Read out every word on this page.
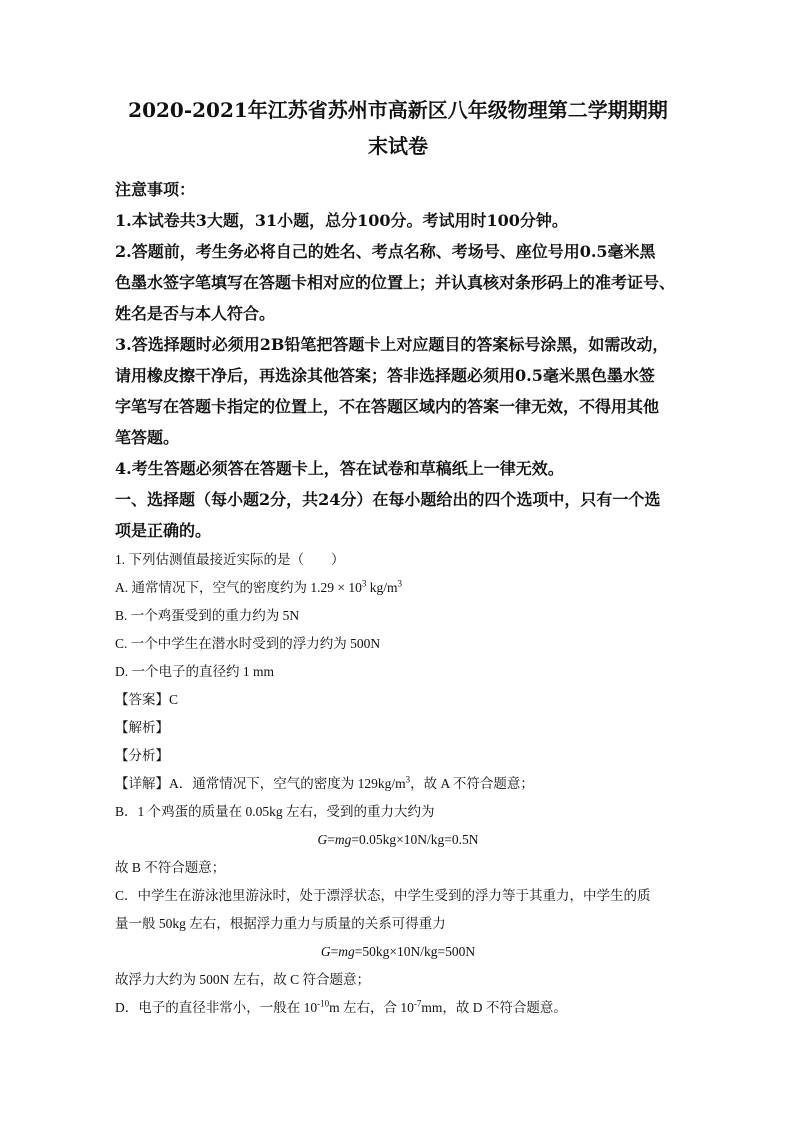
2020-2021年江苏省苏州市高新区八年级物理第二学期期期
末试卷

注意事项：

1.本试卷共3大题，31小题，总分100分。考试用时100分钟。

2.答题前，考生务必将自己的姓名、考点名称、考场号、座位号用0.5毫米黑

色墨水签字笔填写在答题卡相对应的位置上；并认真核对条形码上的准考证号、

姓名是否与本人符合。

3.答选择题时必须用2B铅笔把答题卡上对应题目的答案标号涂黑，如需改动，

请用橡皮擦干净后，再选涂其他答案；答非选择题必须用0.5毫米黑色墨水签

字笔写在答题卡指定的位置上，不在答题区域内的答案一律无效，不得用其他

笔答题。

4.考生答题必须答在答题卡上，答在试卷和草稿纸上一律无效。

一、选择题（每小题2分，共24分）在每小题给出的四个选项中，只有一个选

项是正确的。

1. 下列估测值最接近实际的是（　　）

A. 通常情况下，空气的密度约为 $1.29 \times 10^3$ $kg/m^3$

B. 一个鸡蛋受到的重力约为 5N

C. 一个中学生在潜水时受到的浮力约为 500N

D. 一个电子的直径约 1 mm

【答案】C

【解析】

【分析】

【详解】A．通常情况下，空气的密度为 $129kg/m^3$，故 A 不符合题意；

B．1 个鸡蛋的质量在 0.05kg 左右，受到的重力大约为

G=mg=0.05kg×10N/kg=0.5N

故 B 不符合题意；

C．中学生在游泳池里游泳时，处于漂浮状态，中学生受到的浮力等于其重力，中学生的质

量一般 50kg 左右，根据浮力重力与质量的关系可得重力

G=mg=50kg×10N/kg=500N

故浮力大约为 500N 左右，故 C 符合题意；

D．电子的直径非常小，一般在 $10^{-10}m$ 左右，合 $10^{-7}mm$，故 D 不符合题意。
